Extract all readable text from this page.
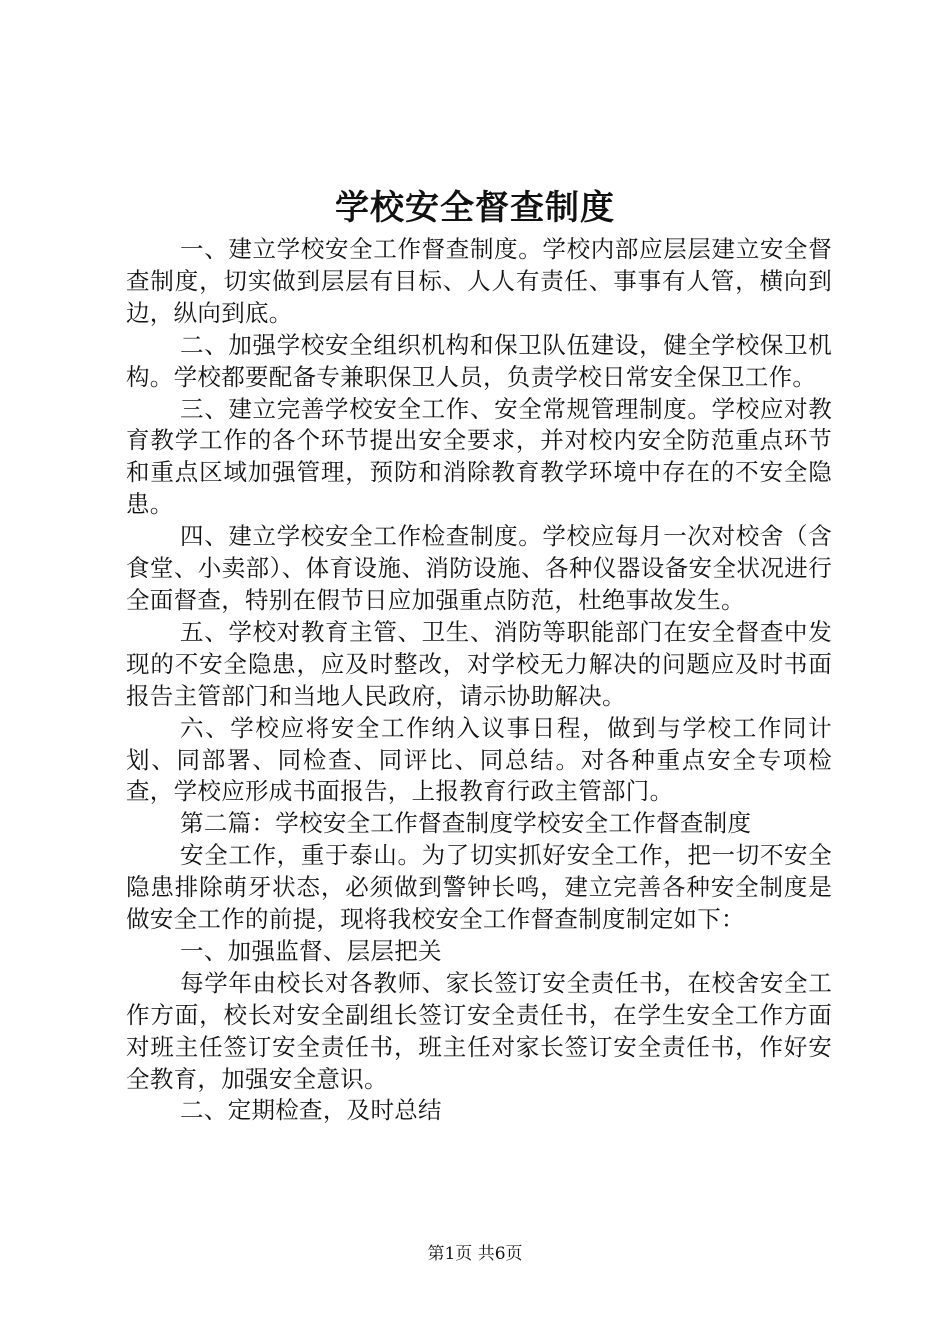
学校安全督查制度

一、建立学校安全工作督查制度。学校内部应层层建立安全督查制度，切实做到层层有目标、人人有责任、事事有人管，横向到边，纵向到底。

二、加强学校安全组织机构和保卫队伍建设，健全学校保卫机构。学校都要配备专兼职保卫人员，负责学校日常安全保卫工作。

三、建立完善学校安全工作、安全常规管理制度。学校应对教育教学工作的各个环节提出安全要求，并对校内安全防范重点环节和重点区域加强管理，预防和消除教育教学环境中存在的不安全隐患。

四、建立学校安全工作检查制度。学校应每月一次对校舍（含食堂、小卖部）、体育设施、消防设施、各种仪器设备安全状况进行全面督查，特别在假节日应加强重点防范，杜绝事故发生。

五、学校对教育主管、卫生、消防等职能部门在安全督查中发现的不安全隐患，应及时整改，对学校无力解决的问题应及时书面报告主管部门和当地人民政府，请示协助解决。

六、学校应将安全工作纳入议事日程，做到与学校工作同计划、同部署、同检查、同评比、同总结。对各种重点安全专项检查，学校应形成书面报告，上报教育行政主管部门。

第二篇：学校安全工作督查制度学校安全工作督查制度

安全工作，重于泰山。为了切实抓好安全工作，把一切不安全隐患排除萌牙状态，必须做到警钟长鸣，建立完善各种安全制度是做安全工作的前提，现将我校安全工作督查制度制定如下：

一、加强监督、层层把关

每学年由校长对各教师、家长签订安全责任书，在校舍安全工作方面，校长对安全副组长签订安全责任书，在学生安全工作方面对班主任签订安全责任书，班主任对家长签订安全责任书，作好安全教育，加强安全意识。

二、定期检查，及时总结

第1页 共6页
